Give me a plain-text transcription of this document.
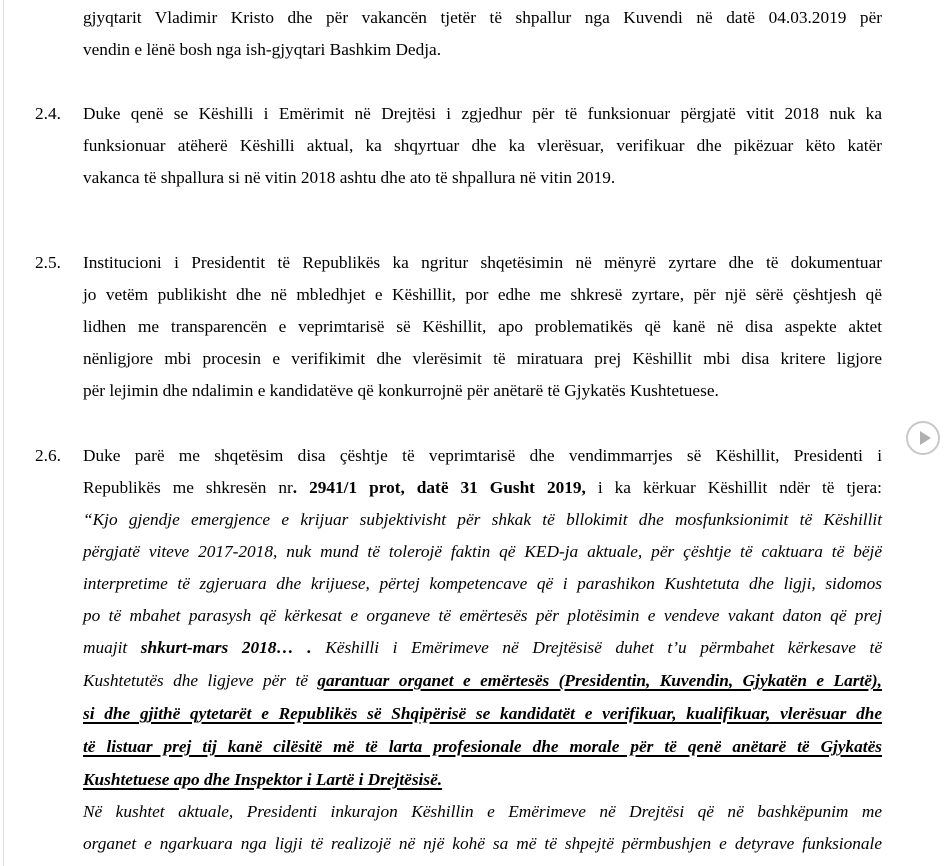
gjyqtarit Vladimir Kristo dhe për vakancën tjetër të shpallur nga Kuvendi në datë 04.03.2019 për
vendin e lënë bosh nga ish-gjyqtari Bashkim Dedja.
2.4. Duke qenë se Këshilli i Emërimit në Drejtësi i zgjedhur për të funksionuar përgjatë vitit 2018 nuk ka
funksionuar atëherë Këshilli aktual, ka shqyrtuar dhe ka vlerësuar, verifikuar dhe pikëzuar këto katër
vakanca të shpallura si në vitin 2018 ashtu dhe ato të shpallura në vitin 2019.
2.5. Institucioni i Presidentit të Republikës ka ngritur shqetësimin në mënyrë zyrtare dhe të dokumentuar
jo vetëm publikisht dhe në mbledhjet e Këshillit, por edhe me shkresë zyrtare, për një sërë çështjesh që
lidhen me transparencën e veprimtarisë së Këshillit, apo problematikës që kanë në disa aspekte aktet
nënligjore mbi procesin e verifikimit dhe vlerësimit të miratuara prej Këshillit mbi disa kritere ligjore
për lejimin dhe ndalimin e kandidatëve që konkurrojnë për anëtarë të Gjykatës Kushtetuese.
2.6. Duke parë me shqetësim disa çështje të veprimtarisë dhe vendimmarrjes së Këshillit, Presidenti i
Republikës me shkresën nr. 2941/1 prot, datë 31 Gusht 2019, i ka kërkuar Këshillit ndër të tjera:
“Kjo gjendje emergjence e krijuar subjektivisht për shkak të bllokimit dhe mosfunksionimit të Këshillit
përgjatë viteve 2017-2018, nuk mund të tolerojë faktin që KED-ja aktuale, për çështje të caktuara të bëjë
interpretime të zgjeruara dhe krijuese, përtej kompetencave që i parashikon Kushtetuta dhe ligji, sidomos
po të mbahet parasysh që kërkesat e organeve të emërtesës për plotësimin e vendeve vakant daton që prej
muajit shkurt-mars 2018… . Këshilli i Emërimeve në Drejtësisë duhet t’u përmbahet kërkesave të
Kushtetutës dhe ligjeve për të garantuar organet e emërtesës (Presidentin, Kuvendin, Gjykatën e Lartë),
si dhe gjithë qytetarët e Republikës së Shqipërisë se kandidatët e verifikuar, kualifikuar, vlerësuar dhe
të listuar prej tij kanë cilësitë më të larta profesionale dhe morale për të qenë anëtarë të Gjykatës
Kushtetuese apo dhe Inspektor i Lartë i Drejtësisë.
Në kushtet aktuale, Presidenti inkurajon Këshillin e Emërimeve në Drejtësi që në bashkëpunim me
organet e ngarkuara nga ligji të realizojë në një kohë sa më të shpejtë përmbushjen e detyrave funksionale
